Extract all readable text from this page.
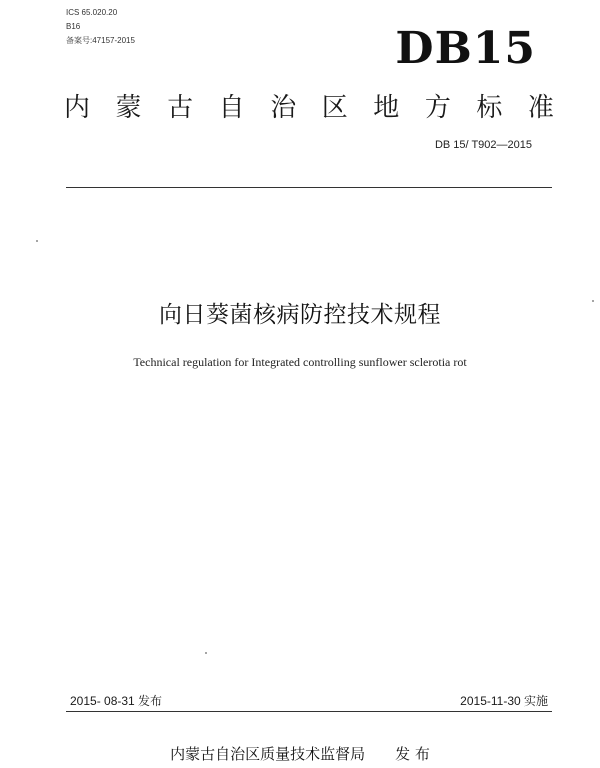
ICS 65.020.20
B16
备案号:47157-2015	DB15
内 蒙 古 自 治 区 地 方 标 准
DB 15/ T902—2015
向日葵菌核病防控技术规程
Technical regulation for Integrated controlling sunflower sclerotia rot
2015- 08-31 发布	2015-11-30 实施
内蒙古自治区质量技术监督局 发 布
